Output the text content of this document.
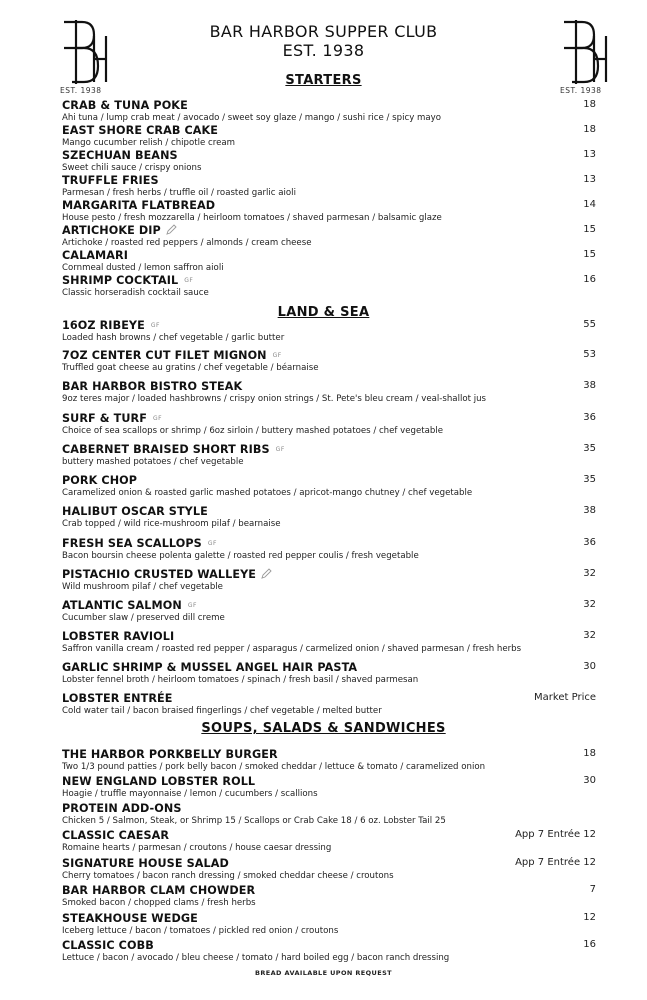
EST. 1938	EST. 1938
BAR HARBOR SUPPER CLUB
EST. 1938
STARTERS
LAND & SEA
SOUPS, SALADS & SANDWICHES
CRAB & TUNA POKE
Ahi tuna / lump crab meat / avocado / sweet soy glaze / mango / sushi rice / spicy mayo
18
EAST SHORE CRAB CAKE
Mango cucumber relish / chipotle cream
18
SZECHUAN BEANS
Sweet chili sauce / crispy onions
13
TRUFFLE FRIES
Parmesan / fresh herbs / truffle oil / roasted garlic aioli
13
MARGARITA FLATBREAD
House pesto / fresh mozzarella / heirloom tomatoes / shaved parmesan / balsamic glaze
14
ARTICHOKE DIP
Artichoke / roasted red peppers / almonds / cream cheese
15
CALAMARI
Cornmeal dusted / lemon saffron aioli
15
SHRIMP COCKTAIL GF
Classic horseradish cocktail sauce
16
16OZ RIBEYE GF
Loaded hash browns / chef vegetable / garlic butter
55
7OZ CENTER CUT FILET MIGNON GF
Truffled goat cheese au gratins / chef vegetable / béarnaise
53
BAR HARBOR BISTRO STEAK
9oz teres major / loaded hashbrowns / crispy onion strings / St. Pete's bleu cream / veal-shallot jus
38
SURF & TURF GF
Choice of sea scallops or shrimp / 6oz sirloin / buttery mashed potatoes / chef vegetable
36
CABERNET BRAISED SHORT RIBS GF
buttery mashed potatoes / chef vegetable
35
PORK CHOP
Caramelized onion & roasted garlic mashed potatoes / apricot-mango chutney / chef vegetable
35
HALIBUT OSCAR STYLE
Crab topped / wild rice-mushroom pilaf / bearnaise
38
FRESH SEA SCALLOPS GF
Bacon boursin cheese polenta galette / roasted red pepper coulis / fresh vegetable
36
PISTACHIO CRUSTED WALLEYE
Wild mushroom pilaf / chef vegetable
32
ATLANTIC SALMON GF
Cucumber slaw / preserved dill creme
32
LOBSTER RAVIOLI
Saffron vanilla cream / roasted red pepper / asparagus / carmelized onion / shaved parmesan / fresh herbs
32
GARLIC SHRIMP & MUSSEL ANGEL HAIR PASTA
Lobster fennel broth / heirloom tomatoes / spinach / fresh basil / shaved parmesan
30
LOBSTER ENTRÉE
Cold water tail / bacon braised fingerlings / chef vegetable / melted butter
Market Price
THE HARBOR PORKBELLY BURGER
Two 1/3 pound patties / pork belly bacon / smoked cheddar / lettuce & tomato / caramelized onion
18
NEW ENGLAND LOBSTER ROLL
Hoagie / truffle mayonnaise / lemon / cucumbers / scallions
30
PROTEIN ADD-ONS
Chicken 5 / Salmon, Steak, or Shrimp 15 / Scallops or Crab Cake 18 / 6 oz. Lobster Tail 25
CLASSIC CAESAR
Romaine hearts / parmesan / croutons / house caesar dressing
App 7 Entrée 12
SIGNATURE HOUSE SALAD
Cherry tomatoes / bacon ranch dressing / smoked cheddar cheese / croutons
App 7 Entrée 12
BAR HARBOR CLAM CHOWDER
Smoked bacon / chopped clams / fresh herbs
7
STEAKHOUSE WEDGE
Iceberg lettuce / bacon / tomatoes / pickled red onion / croutons
12
CLASSIC COBB
Lettuce / bacon / avocado / bleu cheese / tomato / hard boiled egg / bacon ranch dressing
16
BREAD AVAILABLE UPON REQUEST
